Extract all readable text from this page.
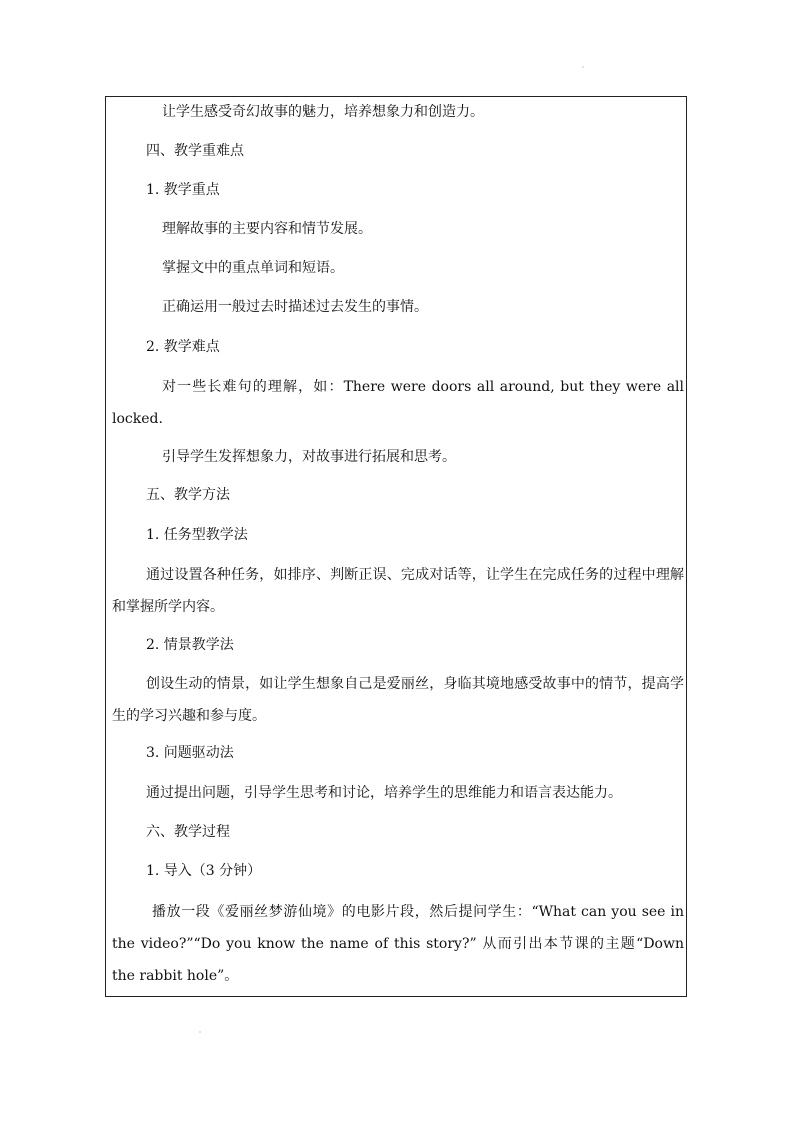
让学生感受奇幻故事的魅力，培养想象力和创造力。
四、教学重难点
1. 教学重点
理解故事的主要内容和情节发展。
掌握文中的重点单词和短语。
正确运用一般过去时描述过去发生的事情。
2. 教学难点
对一些长难句的理解，如：There were doors all around, but they were all locked.
引导学生发挥想象力，对故事进行拓展和思考。
五、教学方法
1. 任务型教学法
通过设置各种任务，如排序、判断正误、完成对话等，让学生在完成任务的过程中理解和掌握所学内容。
2. 情景教学法
创设生动的情景，如让学生想象自己是爱丽丝，身临其境地感受故事中的情节，提高学生的学习兴趣和参与度。
3. 问题驱动法
通过提出问题，引导学生思考和讨论，培养学生的思维能力和语言表达能力。
六、教学过程
1. 导入（3 分钟）
播放一段《爱丽丝梦游仙境》的电影片段，然后提问学生：“What can you see in the video?”“Do you know the name of this story?” 从而引出本节课的主题“Down the rabbit hole”。
